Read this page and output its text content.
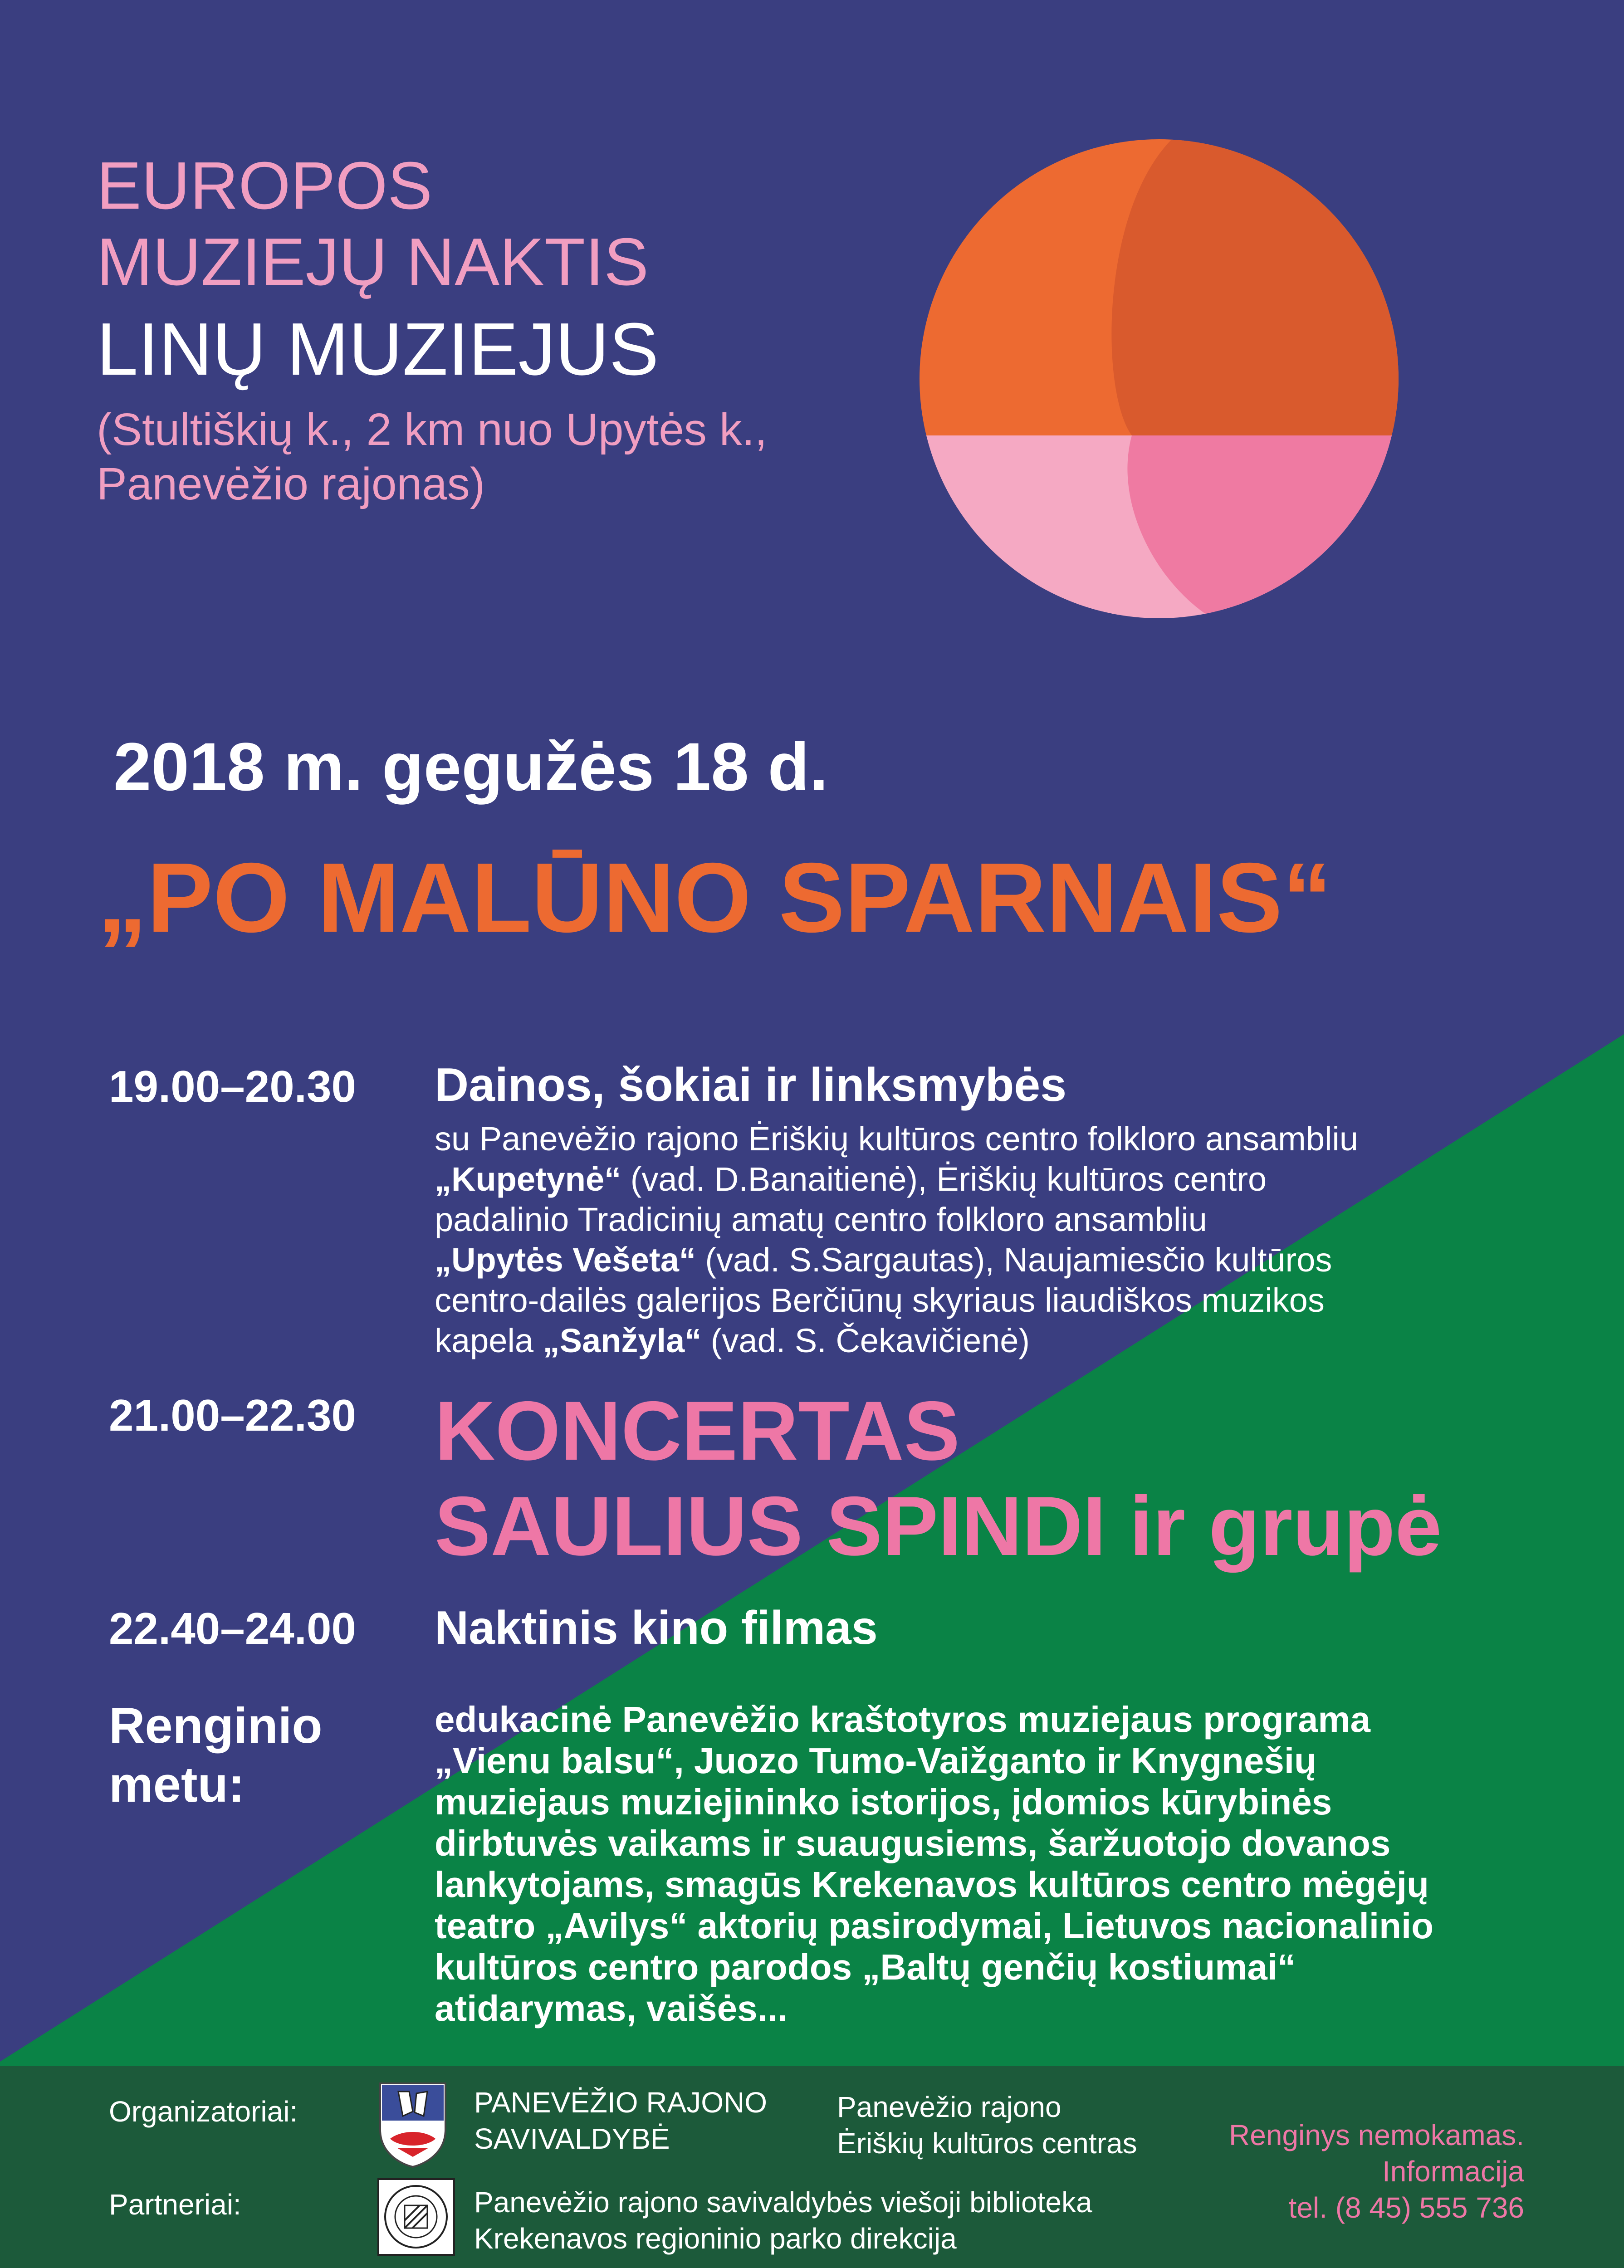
EUROPOS
MUZIEJŲ NAKTIS
LINŲ MUZIEJUS
(Stultiškių k., 2 km nuo Upytės k.,
Panevėžio rajonas)
2018 m. gegužės 18 d.
„PO MALŪNO SPARNAIS“
19.00–20.30 Dainos, šokiai ir linksmybės
su Panevėžio rajono Ėriškių kultūros centro folkloro ansambliu
„Kupetynė“ (vad. D.Banaitienė), Ėriškių kultūros centro
padalinio Tradicinių amatų centro folkloro ansambliu
„Upytės Vešeta“ (vad. S.Sargautas), Naujamiesčio kultūros
centro-dailės galerijos Berčiūnų skyriaus liaudiškos muzikos
kapela „Sanžyla“ (vad. S. Čekavičienė)
21.00–22.30 KONCERTAS
SAULIUS SPINDI ir grupė
22.40–24.00 Naktinis kino filmas
Renginio
metu:
edukacinė Panevėžio kraštotyros muziejaus programa
„Vienu balsu“, Juozo Tumo-Vaižganto ir Knygnešių
muziejaus muziejininko istorijos, įdomios kūrybinės
dirbtuvės vaikams ir suaugusiems, šaržuotojo dovanos
lankytojams, smagūs Krekenavos kultūros centro mėgėjų
teatro „Avilys“ aktorių pasirodymai, Lietuvos nacionalinio
kultūros centro parodos „Baltų genčių kostiumai“
atidarymas, vaišės...
Organizatoriai:	PANEVĖŽIO RAJONO
SAVIVALDYBĖ
Panevėžio rajono
Ėriškių kultūros centras
Partneriai:	Panevėžio rajono savivaldybės viešoji biblioteka
Krekenavos regioninio parko direkcija
Renginys nemokamas.
Informacija
tel. (8 45) 555 736
